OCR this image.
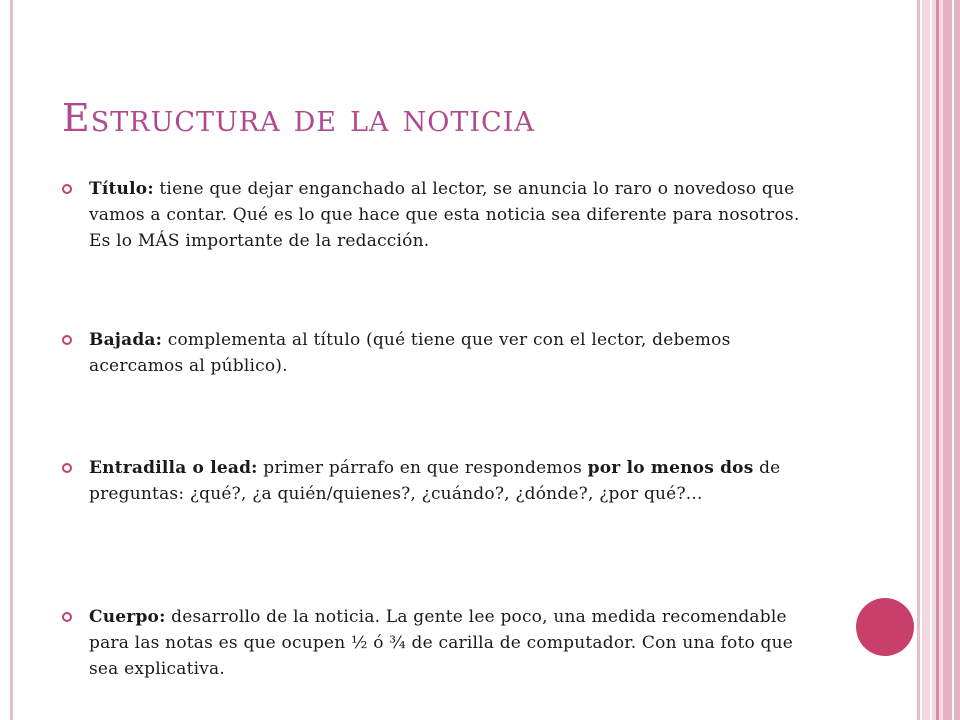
Estructura de la noticia

Título: tiene que dejar enganchado al lector, se anuncia lo raro o novedoso que vamos a contar. Qué es lo que hace que esta noticia sea diferente para nosotros. Es lo MÁS importante de la redacción.

Bajada: complementa al título (qué tiene que ver con el lector, debemos acercamos al público).

Entradilla o lead: primer párrafo en que respondemos por lo menos dos de preguntas: ¿qué?, ¿a quién/quienes?, ¿cuándo?, ¿dónde?, ¿por qué?...

Cuerpo: desarrollo de la noticia. La gente lee poco, una medida recomendable para las notas es que ocupen ½ ó ¾ de carilla de computador. Con una foto que sea explicativa.
